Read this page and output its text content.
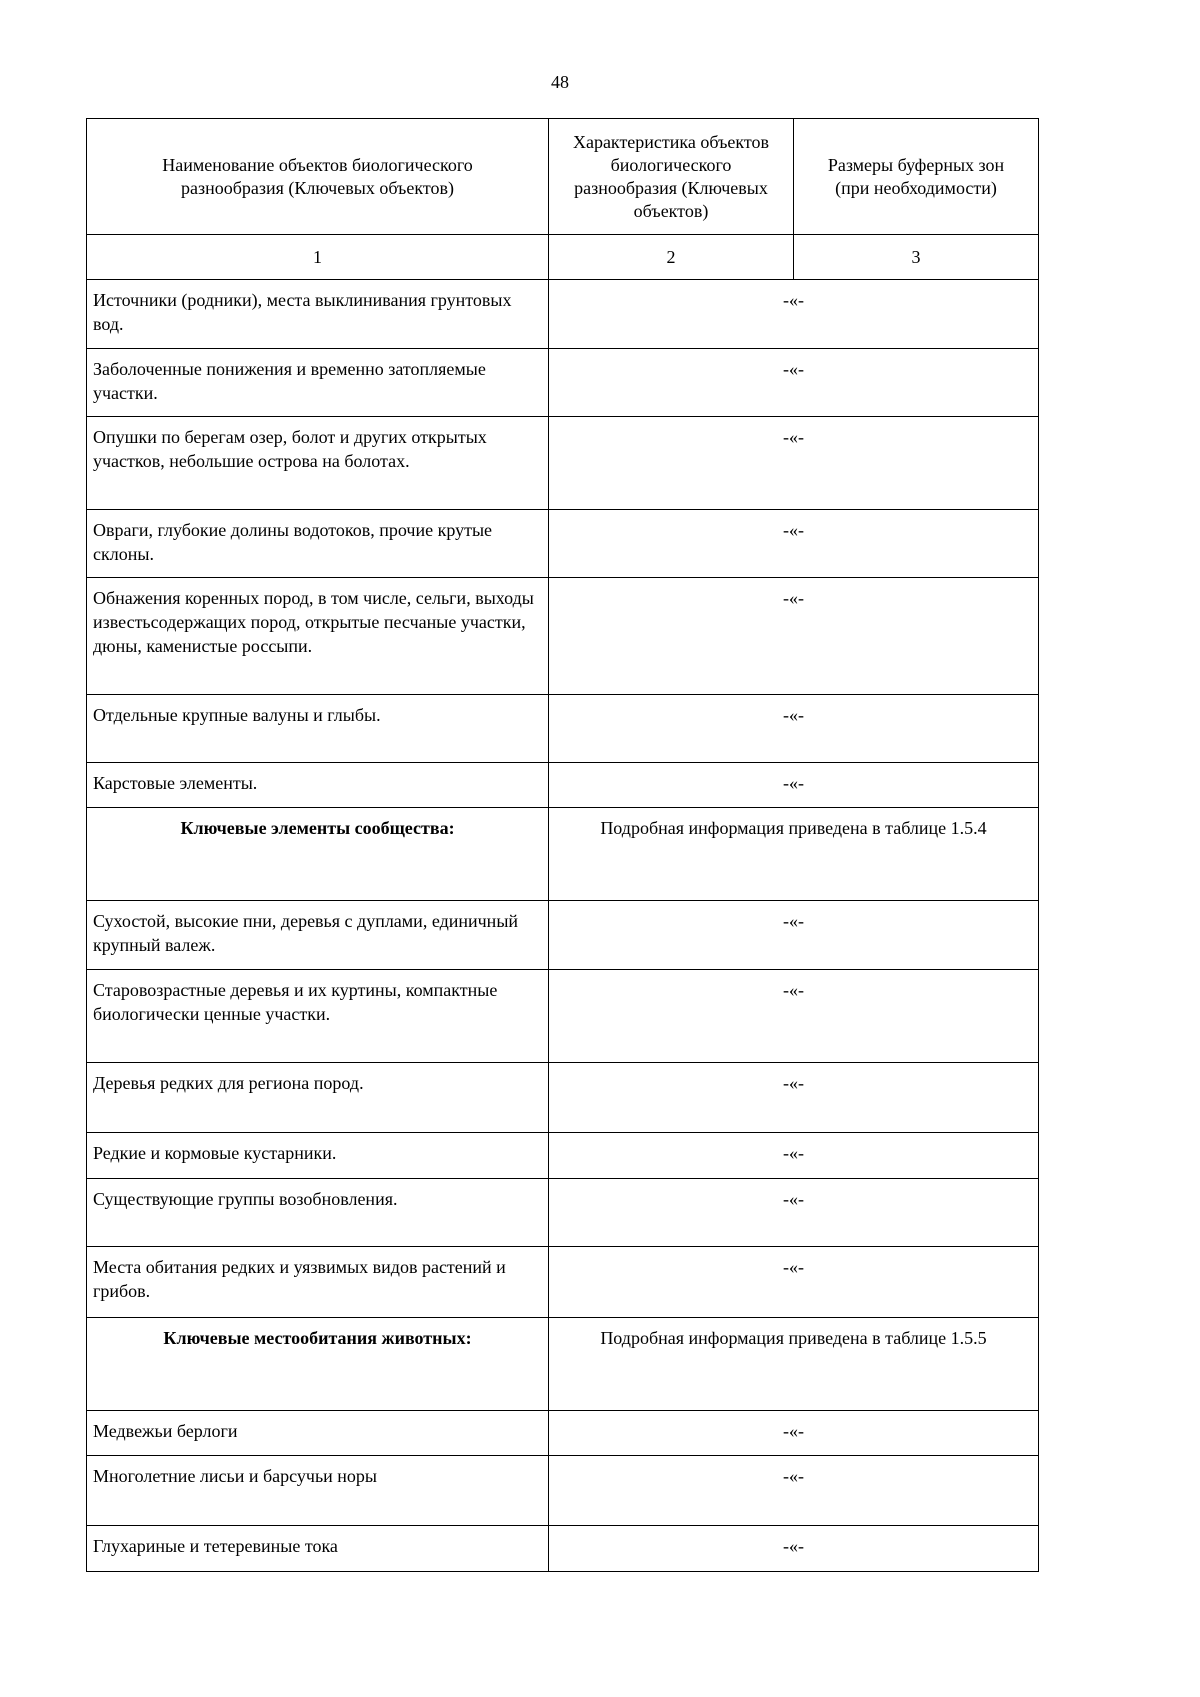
48
Наименование объектов биологического разнообразия (Ключевых объектов)	Характеристика объектов биологического разнообразия (Ключевых объектов)	Размеры буферных зон (при необходимости)
1	2	3
Источники (родники), места выклинивания грунтовых вод.	-«-	
Заболоченные понижения и временно затопляемые участки.	-«-	
Опушки по берегам озер, болот и других открытых участков, небольшие острова на болотах.	-«-	
Овраги, глубокие долины водотоков, прочие крутые склоны.	-«-	
Обнажения коренных пород, в том числе, сельги, выходы известьсодержащих пород, открытые песчаные участки, дюны, каменистые россыпи.	-«-	
Отдельные крупные валуны и глыбы.	-«-	
Карстовые элементы.	-«-	
Ключевые элементы сообщества:	Подробная информация приведена в таблице 1.5.4	
Сухостой, высокие пни, деревья с дуплами, единичный крупный валеж.	-«-	
Старовозрастные деревья и их куртины, компактные биологически ценные участки.	-«-	
Деревья редких для региона пород.	-«-	
Редкие и кормовые кустарники.	-«-	
Существующие группы возобновления.	-«-	
Места обитания редких и уязвимых видов растений и грибов.	-«-	
Ключевые местообитания животных:	Подробная информация приведена в таблице 1.5.5	
Медвежьи берлоги	-«-	
Многолетние лисьи и барсучьи норы	-«-	
Глухариные и тетеревиные тока	-«-	
